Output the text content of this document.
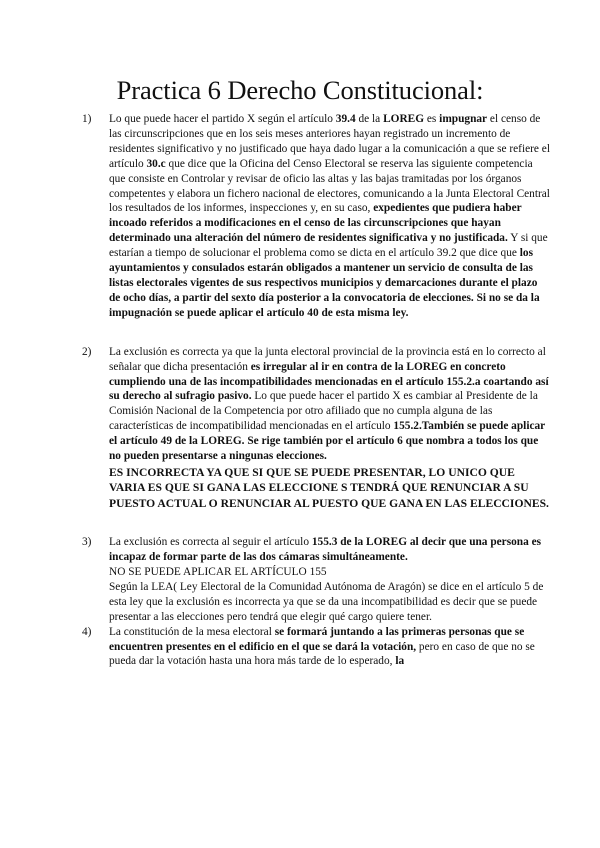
Practica 6 Derecho Constitucional:
1) Lo que puede hacer el partido X según el artículo 39.4 de la LOREG es impugnar el censo de las circunscripciones que en los seis meses anteriores hayan registrado un incremento de residentes significativo y no justificado que haya dado lugar a la comunicación a que se refiere el artículo 30.c que dice que la Oficina del Censo Electoral se reserva las siguiente competencia que consiste en Controlar y revisar de oficio las altas y las bajas tramitadas por los órganos competentes y elabora un fichero nacional de electores, comunicando a la Junta Electoral Central los resultados de los informes, inspecciones y, en su caso, expedientes que pudiera haber incoado referidos a modificaciones en el censo de las circunscripciones que hayan determinado una alteración del número de residentes significativa y no justificada. Y si que estarían a tiempo de solucionar el problema como se dicta en el artículo 39.2 que dice que los ayuntamientos y consulados estarán obligados a mantener un servicio de consulta de las listas electorales vigentes de sus respectivos municipios y demarcaciones durante el plazo de ocho días, a partir del sexto día posterior a la convocatoria de elecciones. Si no se da la impugnación se puede aplicar el artículo 40 de esta misma ley.

2) La exclusión es correcta ya que la junta electoral provincial de la provincia está en lo correcto al señalar que dicha presentación es irregular al ir en contra de la LOREG en concreto cumpliendo una de las incompatibilidades mencionadas en el artículo 155.2.a coartando así su derecho al sufragio pasivo. Lo que puede hacer el partido X es cambiar al Presidente de la Comisión Nacional de la Competencia por otro afiliado que no cumpla alguna de las características de incompatibilidad mencionadas en el artículo 155.2.También se puede aplicar el artículo 49 de la LOREG. Se rige también por el artículo 6 que nombra a todos los que no pueden presentarse a ningunas elecciones.

ES INCORRECTA YA QUE SI QUE SE PUEDE PRESENTAR, LO UNICO QUE VARIA ES QUE SI GANA LAS ELECCIONE S TENDRÁ QUE RENUNCIAR A SU PUESTO ACTUAL O RENUNCIAR AL PUESTO QUE GANA EN LAS ELECCIONES.

3) La exclusión es correcta al seguir el artículo 155.3 de la LOREG al decir que una persona es incapaz de formar parte de las dos cámaras simultáneamente.

NO SE PUEDE APLICAR EL ARTÍCULO 155

Según la LEA( Ley Electoral de la Comunidad Autónoma de Aragón) se dice en el artículo 5 de esta ley que la exclusión es incorrecta ya que se da una incompatibilidad es decir que se puede presentar a las elecciones pero tendrá que elegir qué cargo quiere tener.

4) La constitución de la mesa electoral se formará juntando a las primeras personas que se encuentren presentes en el edificio en el que se dará la votación, pero en caso de que no se pueda dar la votación hasta una hora más tarde de lo esperado, la
